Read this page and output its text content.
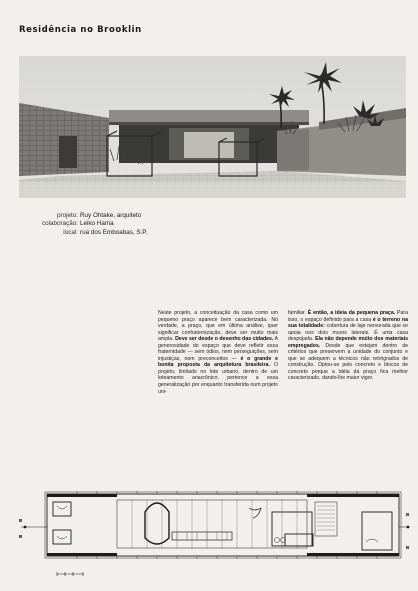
Residência no Brooklin
projeto: Ruy Ohtake, arquiteto
colaboração: Leiko Hama
local: rua dos Emboabas, S.P.
Neste projeto, a conceituação da casa como um pequeno praço aparece bem caracterizada. No verdade, a praço, que em última análise, quer significar confraternização, deve ser muito mais ampla. Deve ser desde o desenho das cidades. A generosidade do espaço que deve refletir essa fraternidade — sem ódios, nem perseguições, sem injustiças, nem preconceitos — é o grande e bonita proposta da arquitetura brasileira. O projeto, limitado no lote urbano, dentro de um loteamento anacrônico, pertence a essa generalização por enquanto transferida num projeto uni-
familiar. É então, a ideia da pequena praça. Para isso, o espaço definido para a casa é o terreno na sua totalidade: cobertura de laje nervurada que se apoia nos dois muros laterais. É uma casa despojada. Ela não depende muito dos materiais empregados. Desde que estejam dentro de critérios que preservem a unidade do conjunto e que se adequem a técnicos não retrógrados de construção. Optou-se pelo concreto e blocos de concreto porque a idéia da praço fica melhor caracterizado, dando-lhe maior vigor.
B
B
B
B
